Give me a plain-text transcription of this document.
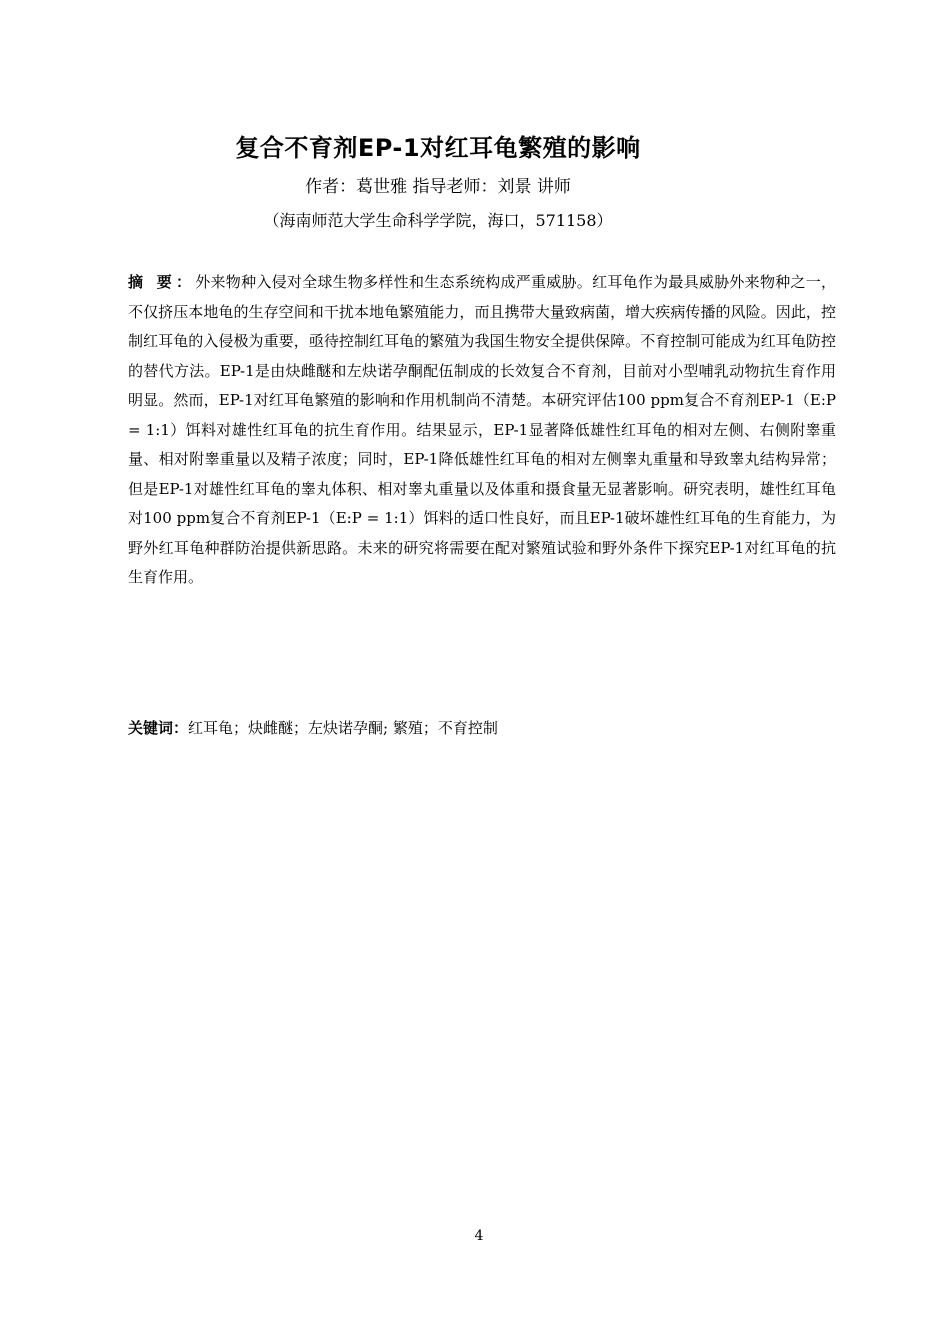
复合不育剂EP-1对红耳龟繁殖的影响
作者：葛世雅 指导老师：刘景 讲师
（海南师范大学生命科学学院，海口，571158）
摘 要：外来物种入侵对全球生物多样性和生态系统构成严重威胁。红耳龟作为最具威胁外来物种之一，不仅挤压本地龟的生存空间和干扰本地龟繁殖能力，而且携带大量致病菌，增大疾病传播的风险。因此，控制红耳龟的入侵极为重要，亟待控制红耳龟的繁殖为我国生物安全提供保障。不育控制可能成为红耳龟防控的替代方法。EP-1是由炔雌醚和左炔诺孕酮配伍制成的长效复合不育剂，目前对小型哺乳动物抗生育作用明显。然而，EP-1对红耳龟繁殖的影响和作用机制尚不清楚。本研究评估100 ppm复合不育剂EP-1（E:P = 1:1）饵料对雄性红耳龟的抗生育作用。结果显示，EP-1显著降低雄性红耳龟的相对左侧、右侧附睾重量、相对附睾重量以及精子浓度；同时，EP-1降低雄性红耳龟的相对左侧睾丸重量和导致睾丸结构异常；但是EP-1对雄性红耳龟的睾丸体积、相对睾丸重量以及体重和摄食量无显著影响。研究表明，雄性红耳龟对100 ppm复合不育剂EP-1（E:P = 1:1）饵料的适口性良好，而且EP-1破坏雄性红耳龟的生育能力，为野外红耳龟种群防治提供新思路。未来的研究将需要在配对繁殖试验和野外条件下探究EP-1对红耳龟的抗生育作用。
关键词：红耳龟；炔雌醚；左炔诺孕酮; 繁殖；不育控制
4
